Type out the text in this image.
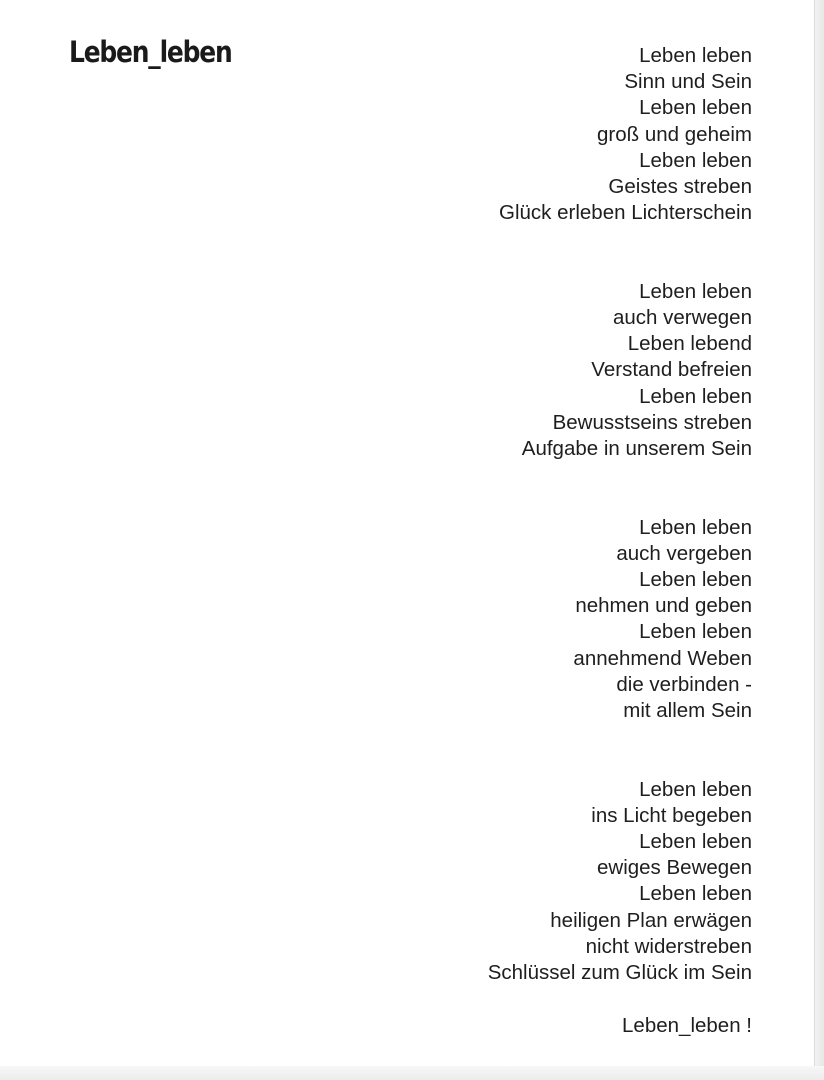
Leben_leben	Leben leben
Sinn und Sein
Leben leben
groß und geheim
Leben leben
Geistes streben
Glück erleben Lichterschein
Leben leben
auch verwegen
Leben lebend
Verstand befreien
Leben leben
Bewusstseins streben
Aufgabe in unserem Sein
Leben leben
auch vergeben
Leben leben
nehmen und geben
Leben leben
annehmend Weben
die verbinden -
mit allem Sein
Leben leben
ins Licht begeben
Leben leben
ewiges Bewegen
Leben leben
heiligen Plan erwägen
nicht widerstreben
Schlüssel zum Glück im Sein
Leben_leben !
